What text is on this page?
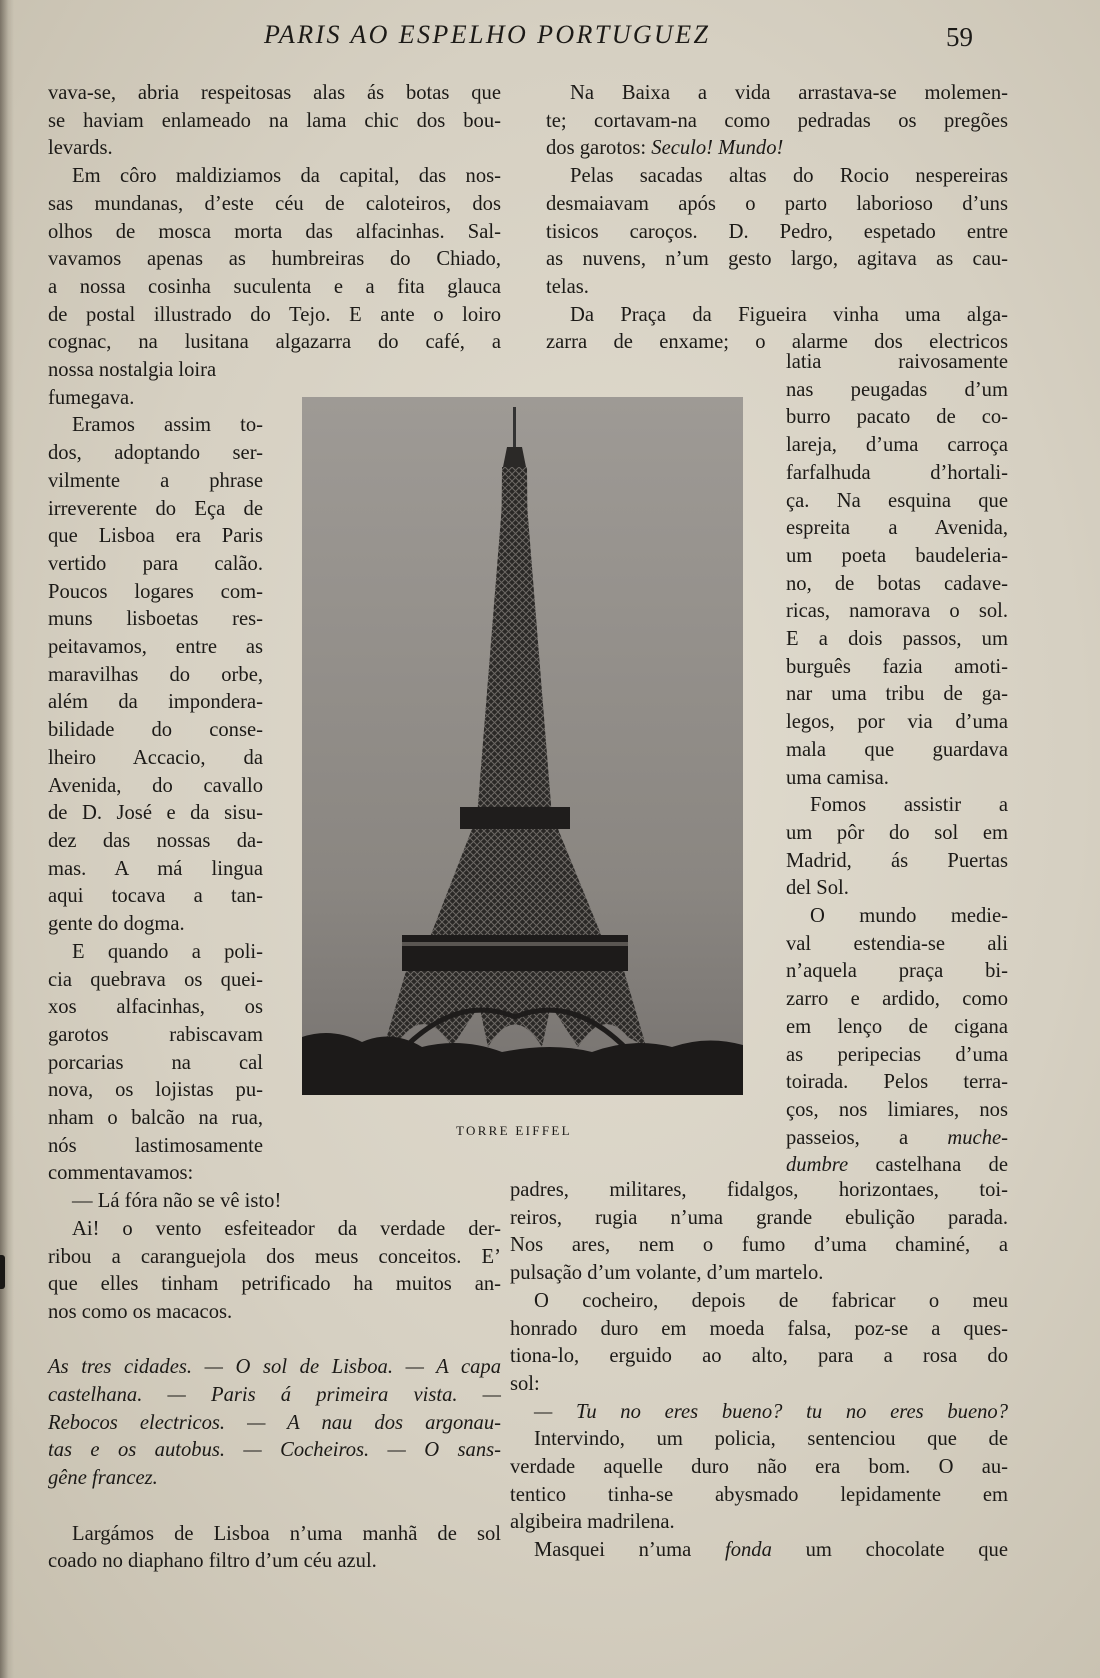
PARIS AO ESPELHO PORTUGUEZ	59

vava-se, abria respeitosas alas ás botas que

se haviam enlameado na lama chic dos bou-

levards.

Em côro maldiziamos da capital, das nos-

sas mundanas, d’este céu de caloteiros, dos

olhos de mosca morta das alfacinhas. Sal-

vavamos apenas as humbreiras do Chiado,

a nossa cosinha suculenta e a fita glauca

de postal illustrado do Tejo. E ante o loiro

cognac, na lusitana algazarra do café, a

nossa nostalgia loira

fumegava.

Eramos assim to-

dos, adoptando ser-

vilmente a phrase

irreverente do Eça de

que Lisboa era Paris

vertido para calão.

Poucos logares com-

muns lisboetas res-

peitavamos, entre as

maravilhas do orbe,

além da impondera-

bilidade do conse-

lheiro Accacio, da

Avenida, do cavallo

de D. José e da sisu-

dez das nossas da-

mas. A má lingua

aqui tocava a tan-

gente do dogma.

E quando a poli-

cia quebrava os quei-

xos alfacinhas, os

garotos rabiscavam

porcarias na cal

nova, os lojistas pu-

nham o balcão na rua,

nós lastimosamente

commentavamos:

— Lá fóra não se vê isto!

Ai! o vento esfeiteador da verdade der-

ribou a caranguejola dos meus conceitos. E’

que elles tinham petrificado ha muitos an-

nos como os macacos.

As tres cidades. — O sol de Lisboa. — A capa

castelhana. — Paris á primeira vista. —

Rebocos electricos. — A nau dos argonau-

tas e os autobus. — Cocheiros. — O sans-

gêne francez.

Largámos de Lisboa n’uma manhã de sol

coado no diaphano filtro d’um céu azul.

Na Baixa a vida arrastava-se molemen-

te; cortavam-na como pedradas os pregões

dos garotos: Seculo! Mundo!

Pelas sacadas altas do Rocio nespereiras

desmaiavam após o parto laborioso d’uns

tisicos caroços. D. Pedro, espetado entre

as nuvens, n’um gesto largo, agitava as cau-

telas.

Da Praça da Figueira vinha uma alga-

zarra de enxame; o alarme dos electricos

latia raivosamente

nas peugadas d’um

burro pacato de co-

lareja, d’uma carroça

farfalhuda d’hortali-

ça. Na esquina que

espreita a Avenida,

um poeta baudeleria-

no, de botas cadave-

ricas, namorava o sol.

E a dois passos, um

burguês fazia amoti-

nar uma tribu de ga-

legos, por via d’uma

mala que guardava

uma camisa.

Fomos assistir a

um pôr do sol em

Madrid, ás Puertas

del Sol.

O mundo medie-

val estendia-se ali

n’aquela praça bi-

zarro e ardido, como

em lenço de cigana

as peripecias d’uma

toirada. Pelos terra-

ços, nos limiares, nos

passeios, a muche-

dumbre castelhana de

padres, militares, fidalgos, horizontaes, toi-

reiros, rugia n’uma grande ebulição parada.

Nos ares, nem o fumo d’uma chaminé, a

pulsação d’um volante, d’um martelo.

O cocheiro, depois de fabricar o meu

honrado duro em moeda falsa, poz-se a ques-

tiona-lo, erguido ao alto, para a rosa do

sol:

— Tu no eres bueno? tu no eres bueno?

Intervindo, um policia, sentenciou que de

verdade aquelle duro não era bom. O au-

tentico tinha-se abysmado lepidamente em

algibeira madrilena.

Masquei n’uma fonda um chocolate que

TORRE EIFFEL
